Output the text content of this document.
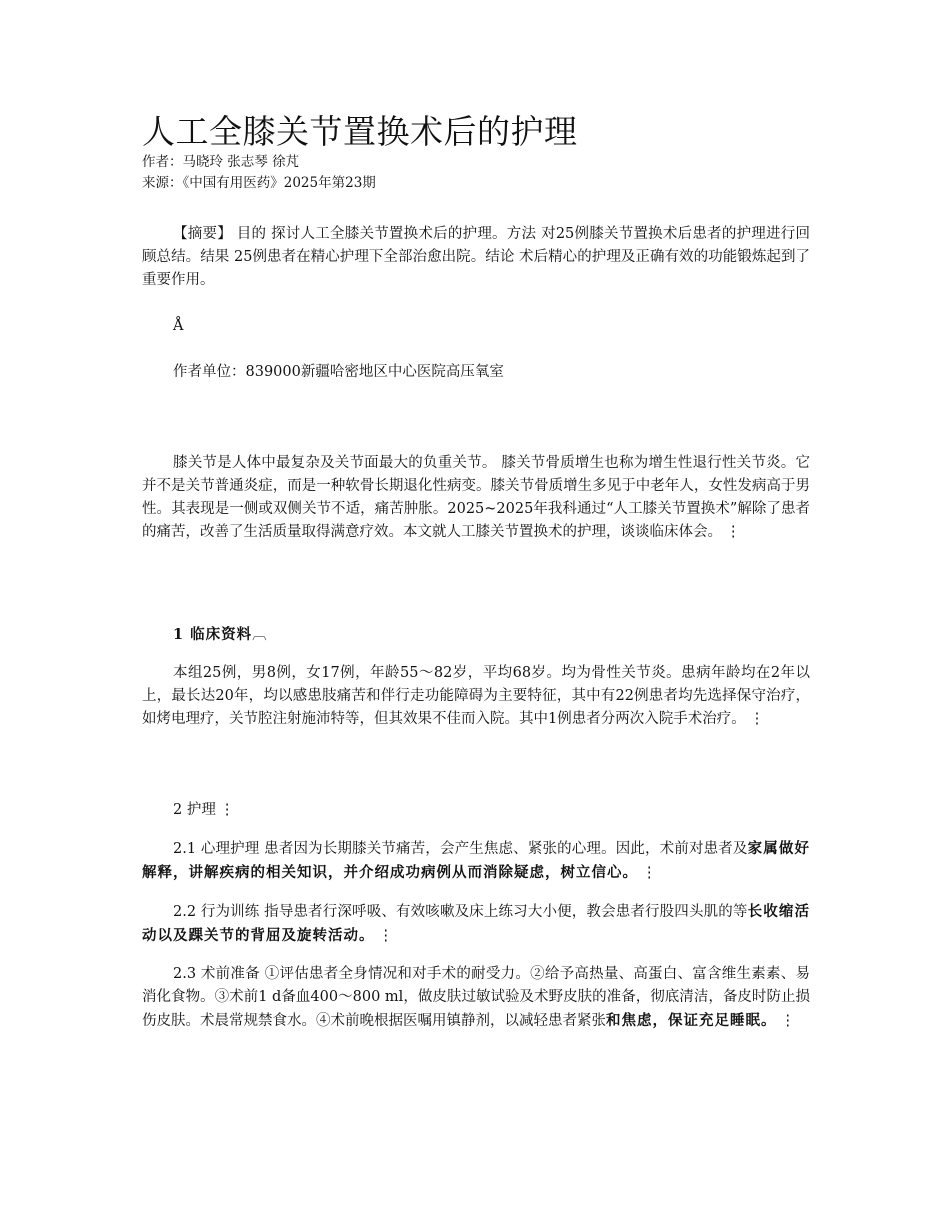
人工全膝关节置换术后的护理

作者：马晓玲 张志琴 徐芃

来源：《中国有用医药》2025年第23期

【摘要】 目的 探讨人工全膝关节置换术后的护理。方法 对25例膝关节置换术后患者的护理进行回顾总结。结果 25例患者在精心护理下全部治愈出院。结论 术后精心的护理及正确有效的功能锻炼起到了重要作用。

Å

作者单位：839000新疆哈密地区中心医院高压氧室

膝关节是人体中最复杂及关节面最大的负重关节。 膝关节骨质增生也称为增生性退行性关节炎。它并不是关节普通炎症，而是一种软骨长期退化性病变。膝关节骨质增生多见于中老年人，女性发病高于男性。其表现是一侧或双侧关节不适，痛苦肿胀。2025~2025年我科通过“人工膝关节置换术”解除了患者的痛苦，改善了生活质量取得满意疗效。本文就人工膝关节置换术的护理，谈谈临床体会。 ⋮

1 临床资料︹

本组25例，男8例，女17例，年龄55～82岁，平均68岁。均为骨性关节炎。患病年龄均在2年以上，最长达20年，均以感患肢痛苦和伴行走功能障碍为主要特征，其中有22例患者均先选择保守治疗，如烤电理疗，关节腔注射施沛特等，但其效果不佳而入院。其中1例患者分两次入院手术治疗。 ⋮

2 护理 ⋮

2.1 心理护理 患者因为长期膝关节痛苦，会产生焦虑、紧张的心理。因此，术前对患者及家属做好解释，讲解疾病的相关知识，并介绍成功病例从而消除疑虑，树立信心。 ⋮

2.2 行为训练 指导患者行深呼吸、有效咳嗽及床上练习大小便，教会患者行股四头肌的等长收缩活动以及踝关节的背屈及旋转活动。 ⋮

2.3 术前准备 ①评估患者全身情况和对手术的耐受力。②给予高热量、高蛋白、富含维生素素、易消化食物。③术前1 d备血400～800 ml，做皮肤过敏试验及术野皮肤的准备，彻底清洁，备皮时防止损伤皮肤。术晨常规禁食水。④术前晚根据医嘱用镇静剂，以减轻患者紧张和焦虑，保证充足睡眠。 ⋮
